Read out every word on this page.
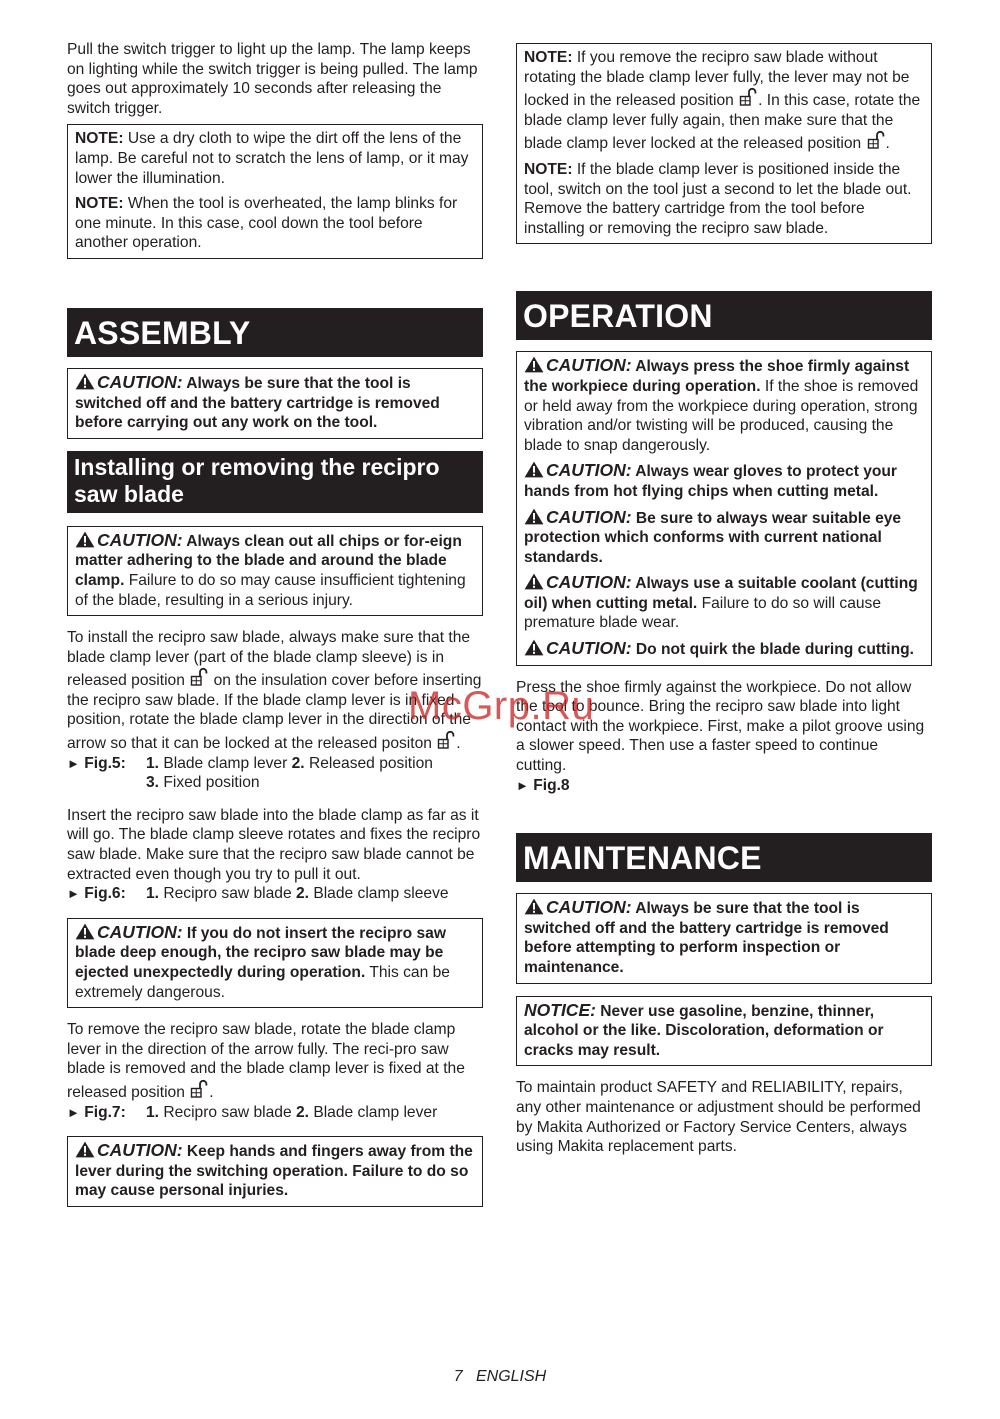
Pull the switch trigger to light up the lamp. The lamp keeps on lighting while the switch trigger is being pulled. The lamp goes out approximately 10 seconds after releasing the switch trigger.

NOTE: Use a dry cloth to wipe the dirt off the lens of the lamp. Be careful not to scratch the lens of lamp, or it may lower the illumination.

NOTE: When the tool is overheated, the lamp blinks for one minute. In this case, cool down the tool before another operation.

ASSEMBLY

CAUTION: Always be sure that the tool is switched off and the battery cartridge is removed before carrying out any work on the tool.

Installing or removing the recipro saw blade

CAUTION: Always clean out all chips or for-eign matter adhering to the blade and around the blade clamp. Failure to do so may cause insufficient tightening of the blade, resulting in a serious injury.

To install the recipro saw blade, always make sure that the blade clamp lever (part of the blade clamp sleeve) is in released position  on the insulation cover before inserting the recipro saw blade. If the blade clamp lever is in fixed position, rotate the blade clamp lever in the direction of the arrow so that it can be locked at the released positon .

► Fig.5: 1. Blade clamp lever 2. Released position
3. Fixed position

Insert the recipro saw blade into the blade clamp as far as it will go. The blade clamp sleeve rotates and fixes the recipro saw blade. Make sure that the recipro saw blade cannot be extracted even though you try to pull it out.

► Fig.6: 1. Recipro saw blade 2. Blade clamp sleeve

CAUTION: If you do not insert the recipro saw blade deep enough, the recipro saw blade may be ejected unexpectedly during operation. This can be extremely dangerous.

To remove the recipro saw blade, rotate the blade clamp lever in the direction of the arrow fully. The reci-pro saw blade is removed and the blade clamp lever is fixed at the released position .

► Fig.7: 1. Recipro saw blade 2. Blade clamp lever

CAUTION: Keep hands and fingers away from the lever during the switching operation. Failure to do so may cause personal injuries.

NOTE: If you remove the recipro saw blade without rotating the blade clamp lever fully, the lever may not be locked in the released position . In this case, rotate the blade clamp lever fully again, then make sure that the blade clamp lever locked at the released position .

NOTE: If the blade clamp lever is positioned inside the tool, switch on the tool just a second to let the blade out. Remove the battery cartridge from the tool before installing or removing the recipro saw blade.

OPERATION

CAUTION: Always press the shoe firmly against the workpiece during operation. If the shoe is removed or held away from the workpiece during operation, strong vibration and/or twisting will be produced, causing the blade to snap dangerously.

CAUTION: Always wear gloves to protect your hands from hot flying chips when cutting metal.

CAUTION: Be sure to always wear suitable eye protection which conforms with current national standards.

CAUTION: Always use a suitable coolant (cutting oil) when cutting metal. Failure to do so will cause premature blade wear.

CAUTION: Do not quirk the blade during cutting.

Press the shoe firmly against the workpiece. Do not allow the tool to bounce. Bring the recipro saw blade into light contact with the workpiece. First, make a pilot groove using a slower speed. Then use a faster speed to continue cutting.

► Fig.8
MAINTENANCE

CAUTION: Always be sure that the tool is switched off and the battery cartridge is removed before attempting to perform inspection or maintenance.

NOTICE: Never use gasoline, benzine, thinner, alcohol or the like. Discoloration, deformation or cracks may result.

To maintain product SAFETY and RELIABILITY, repairs, any other maintenance or adjustment should be performed by Makita Authorized or Factory Service Centers, always using Makita replacement parts.

McGrp.Ru
7   ENGLISH
